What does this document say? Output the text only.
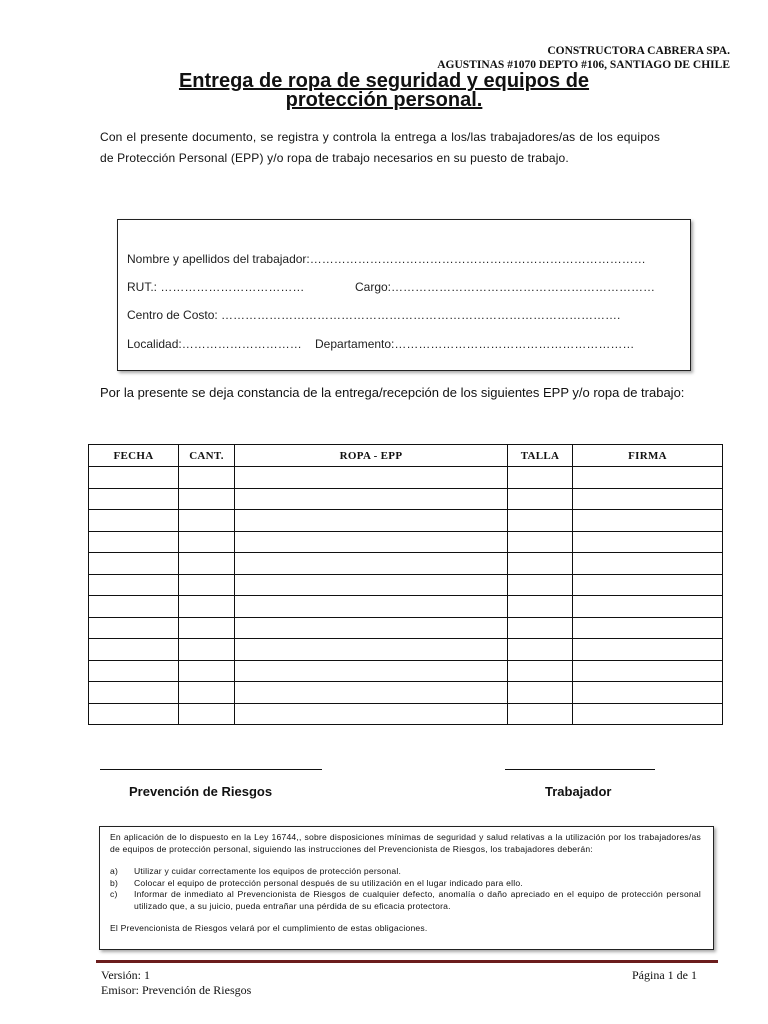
CONSTRUCTORA CABRERA SPA.
AGUSTINAS #1070 DEPTO #106, SANTIAGO DE CHILE
Entrega de ropa de seguridad y equipos de
protección personal.
Con el presente documento, se registra y controla la entrega a los/las trabajadores/as de los equipos de Protección Personal (EPP) y/o ropa de trabajo necesarios en su puesto de trabajo.
Nombre y apellidos del trabajador:…………………………………………………………………………
RUT.: ………………………………	Cargo:…………………………………………………………
Centro de Costo: ……………………………………………………………………………………….
Localidad:………………………… Departamento:……………………………………………………
Por la presente se deja constancia de la entrega/recepción de los siguientes EPP y/o ropa de trabajo:
FECHA	CANT.	ROPA - EPP	TALLA	FIRMA

Prevención de Riesgos	Trabajador

En aplicación de lo dispuesto en la Ley 16744,, sobre disposiciones mínimas de seguridad y salud relativas a la utilización por los trabajadores/as de equipos de protección personal, siguiendo las instrucciones del Prevencionista de Riesgos, los trabajadores deberán:

a) Utilizar y cuidar correctamente los equipos de protección personal.
b) Colocar el equipo de protección personal después de su utilización en el lugar indicado para ello.
c) Informar de inmediato al Prevencionista de Riesgos de cualquier defecto, anomalía o daño apreciado en el equipo de protección personal utilizado que, a su juicio, pueda entrañar una pérdida de su eficacia protectora.

El Prevencionista de Riesgos velará por el cumplimiento de estas obligaciones.

Versión: 1
Emisor: Prevención de Riesgos
Página 1 de 1
